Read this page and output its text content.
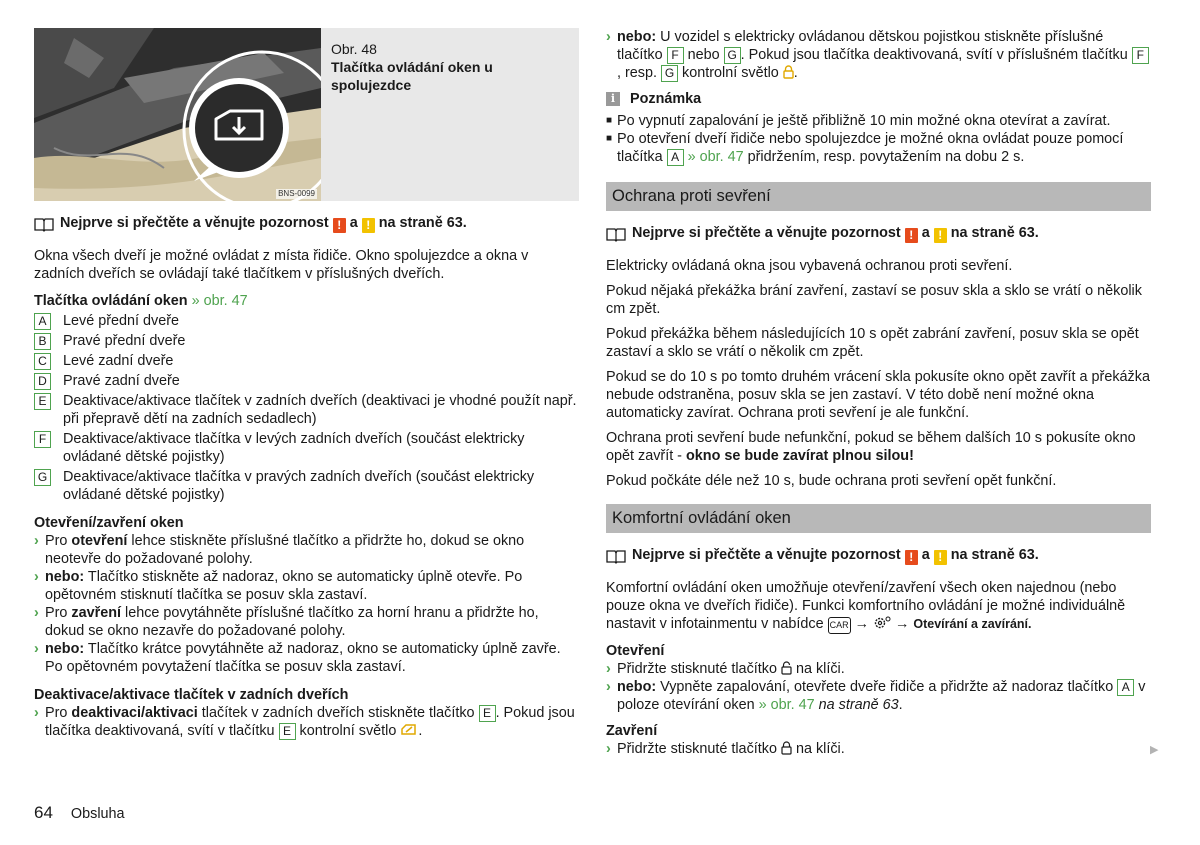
BNS-0099
Obr. 48
Tlačítka ovládání oken u spolujezdce
Nejprve si přečtěte a věnujte pozornost ! a ! na straně 63.

Okna všech dveří je možné ovládat z místa řidiče. Okno spolujezdce a okna v zadních dveřích se ovládají také tlačítkem v příslušných dveřích.

Tlačítka ovládání oken » obr. 47
A	Levé přední dveře
B	Pravé přední dveře
C Levé zadní dveře
D Pravé zadní dveře
E	Deaktivace/aktivace tlačítek v zadních dveřích (deaktivaci je vhodné použít např. při přepravě dětí na zadních sedadlech)
F	Deaktivace/aktivace tlačítka v levých zadních dveřích (součást elektricky ovládané dětské pojistky)
G Deaktivace/aktivace tlačítka v pravých zadních dveřích (součást elektricky ovládané dětské pojistky)
Otevření/zavření oken
› Pro otevření lehce stiskněte příslušné tlačítko a přidržte ho, dokud se okno neotevře do požadované polohy.
› nebo: Tlačítko stiskněte až nadoraz, okno se automaticky úplně otevře. Po opětovném stisknutí tlačítka se posuv skla zastaví.
› Pro zavření lehce povytáhněte příslušné tlačítko za horní hranu a přidržte ho, dokud se okno nezavře do požadované polohy.
› nebo: Tlačítko krátce povytáhněte až nadoraz, okno se automaticky úplně zavře. Po opětovném povytažení tlačítka se posuv skla zastaví.
Deaktivace/aktivace tlačítek v zadních dveřích
› Pro deaktivaci/aktivaci tlačítek v zadních dveřích stiskněte tlačítko E . Pokud jsou tlačítka deaktivovaná, svítí v tlačítku E kontrolní světlo .
› nebo: U vozidel s elektricky ovládanou dětskou pojistkou stiskněte příslušné tlačítko F nebo G . Pokud jsou tlačítka deaktivovaná, svítí v příslušném tlačítku F, resp. G kontrolní světlo .
i	Poznámka
■ Po vypnutí zapalování je ještě přibližně 10 min možné okna otevírat a zavírat.
■ Po otevření dveří řidiče nebo spolujezdce je možné okna ovládat pouze pomocí tlačítka A » obr. 47 přidržením, resp. povytažením na dobu 2 s.
Ochrana proti sevření
Nejprve si přečtěte a věnujte pozornost ! a ! na straně 63.

Elektricky ovládaná okna jsou vybavená ochranou proti sevření.

Pokud nějaká překážka brání zavření, zastaví se posuv skla a sklo se vrátí o několik cm zpět.

Pokud překážka během následujících 10 s opět zabrání zavření, posuv skla se opět zastaví a sklo se vrátí o několik cm zpět.

Pokud se do 10 s po tomto druhém vrácení skla pokusíte okno opět zavřít a překážka nebude odstraněna, posuv skla se jen zastaví. V této době není možné okna automaticky zavírat. Ochrana proti sevření je ale funkční.

Ochrana proti sevření bude nefunkční, pokud se během dalších 10 s pokusíte okno opět zavřít - okno se bude zavírat plnou silou!

Pokud počkáte déle než 10 s, bude ochrana proti sevření opět funkční.

Komfortní ovládání oken
Nejprve si přečtěte a věnujte pozornost ! a ! na straně 63.

Komfortní ovládání oken umožňuje otevření/zavření všech oken najednou (nebo pouze okna ve dveřích řidiče). Funkci komfortního ovládání je možné individuálně nastavit v infotainmentu v nabídce CAR → → Otevírání a zavírání.

Otevření
› Přidržte stisknuté tlačítko  na klíči.
› nebo: Vypněte zapalování, otevřete dveře řidiče a přidržte až nadoraz tlačítko A v poloze otevírání oken » obr. 47 na straně 63.
Zavření
› Přidržte stisknuté tlačítko  na klíči.	▶
64 Obsluha
